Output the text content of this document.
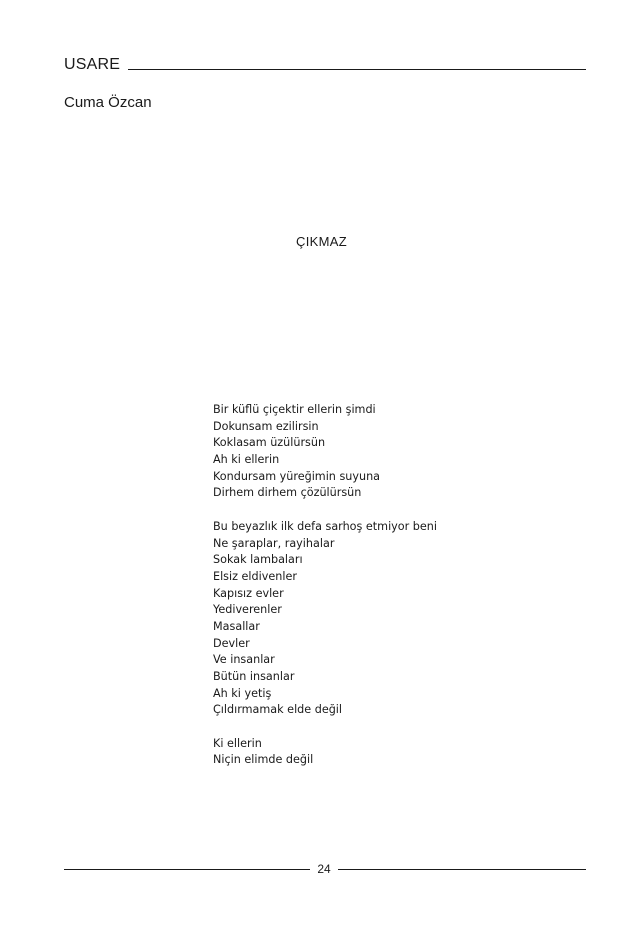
USARE
Cuma Özcan
ÇIKMAZ
Bir küflü çiçektir ellerin şimdi
Dokunsam ezilirsin
Koklasam üzülürsün
Ah ki ellerin
Kondursam yüreğimin suyuna
Dirhem dirhem çözülürsün
Bu beyazlık ilk defa sarhoş etmiyor beni
Ne şaraplar, rayihalar
Sokak lambaları
Elsiz eldivenler
Kapısız evler
Yediverenler
Masallar
Devler
Ve insanlar
Bütün insanlar
Ah ki yetiş
Çıldırmamak elde değil
Ki ellerin
Niçin elimde değil
24
